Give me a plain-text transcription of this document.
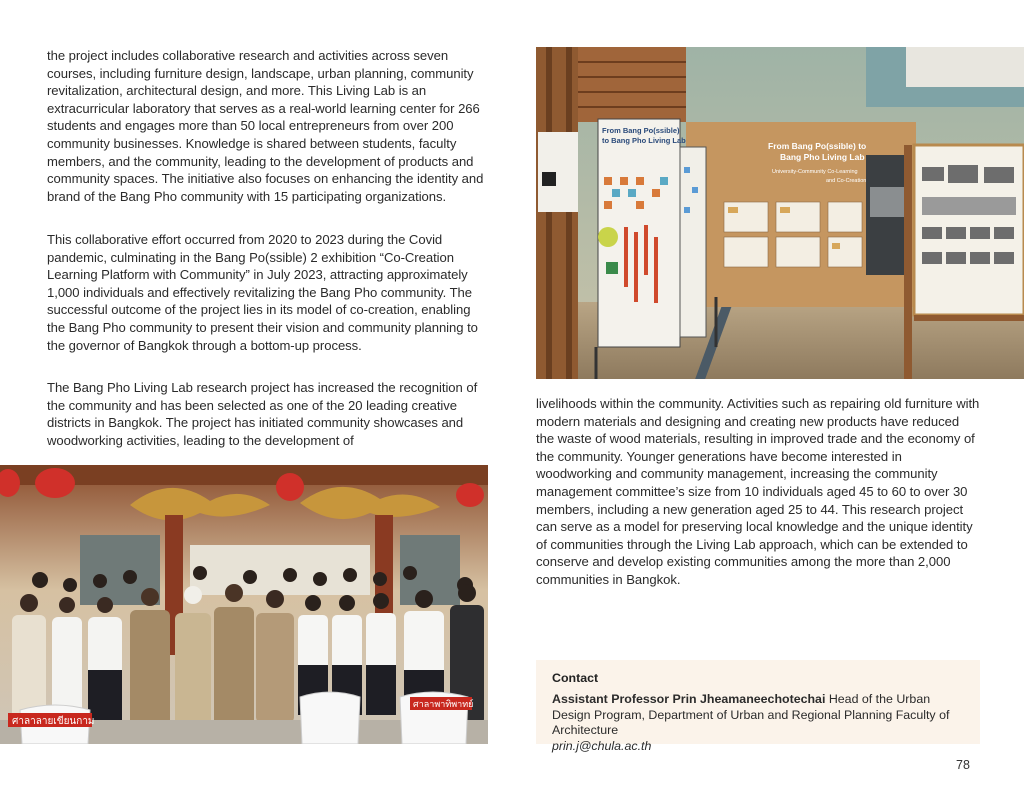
the project includes collaborative research and activities across seven courses, including furniture design, landscape, urban planning, community revitalization, architectural design, and more. This Living Lab is an extracurricular laboratory that serves as a real-world learning center for 266 students and engages more than 50 local entrepreneurs from over 200 community businesses. Knowledge is shared between students, faculty members, and the community, leading to the development of products and community spaces. The initiative also focuses on enhancing the identity and brand of the Bang Pho community with 15 participating organizations.

This collaborative effort occurred from 2020 to 2023 during the Covid pandemic, culminating in the Bang Po(ssible) 2 exhibition “Co-Creation Learning Platform with Community” in July 2023, attracting approximately 1,000 individuals and effectively revitalizing the Bang Pho community. The successful outcome of the project lies in its model of co-creation, enabling the Bang Pho community to present their vision and community planning to the governor of Bangkok through a bottom-up process.

The Bang Pho Living Lab research project has increased the recognition of the community and has been selected as one of the 20 leading creative districts in Bangkok. The project has initiated community showcases and woodworking activities, leading to the development of

livelihoods within the community. Activities such as repairing old furniture with modern materials and designing and creating new products have reduced the waste of wood materials, resulting in improved trade and the economy of the community. Younger generations have become interested in woodworking and community management, increasing the community management committee’s size from 10 individuals aged 45 to 60 to over 30 members, including a new generation aged 25 to 44. This research project can serve as a model for preserving local knowledge and the unique identity of communities through the Living Lab approach, which can be extended to conserve and develop existing communities among the more than 2,000 communities in Bangkok.

From Bang Po(ssible)
to Bang Pho Living Lab
From Bang Po(ssible) to
Bang Pho Living Lab
University-Community Co-Learning
and Co-Creation
ศาลาลายเขียนกาม
ศาลาพาทิพาทย์
Contact
Assistant Professor Prin Jheamaneechotechai Head of the Urban Design Program, Department of Urban and Regional Planning Faculty of Architecture
prin.j@chula.ac.th
78
